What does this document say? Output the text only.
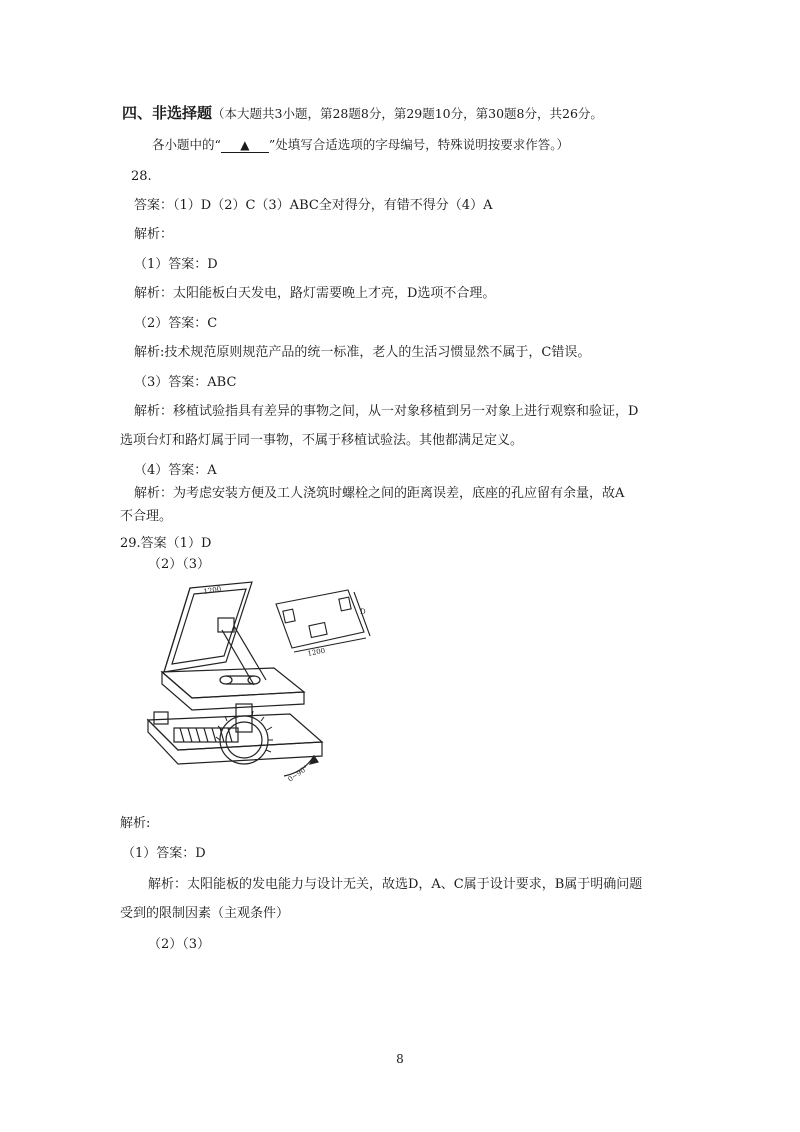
四、非选择题（本大题共3小题，第28题8分，第29题10分，第30题8分，共26分。
各小题中的“ ▲ ”处填写合适选项的字母编号，特殊说明按要求作答。）
28.
答案：（1）D（2）C（3）ABC全对得分，有错不得分（4）A
解析：
（1）答案：D
解析：太阳能板白天发电，路灯需要晚上才亮，D选项不合理。
（2）答案：C
解析:技术规范原则规范产品的统一标准，老人的生活习惯显然不属于，C错误。
（3）答案：ABC
解析：移植试验指具有差异的事物之间，从一对象移植到另一对象上进行观察和验证，D
选项台灯和路灯属于同一事物，不属于移植试验法。其他都满足定义。
（4）答案：A
解析：为考虑安装方便及工人浇筑时螺栓之间的距离误差，底座的孔应留有余量，故A
不合理。
29.答案（1）D
（2）（3）
1200
0~90°
D
1200
解析:
（1）答案：D
解析：太阳能板的发电能力与设计无关，故选D，A、C属于设计要求，B属于明确问题
受到的限制因素（主观条件）
（2）（3）
8
